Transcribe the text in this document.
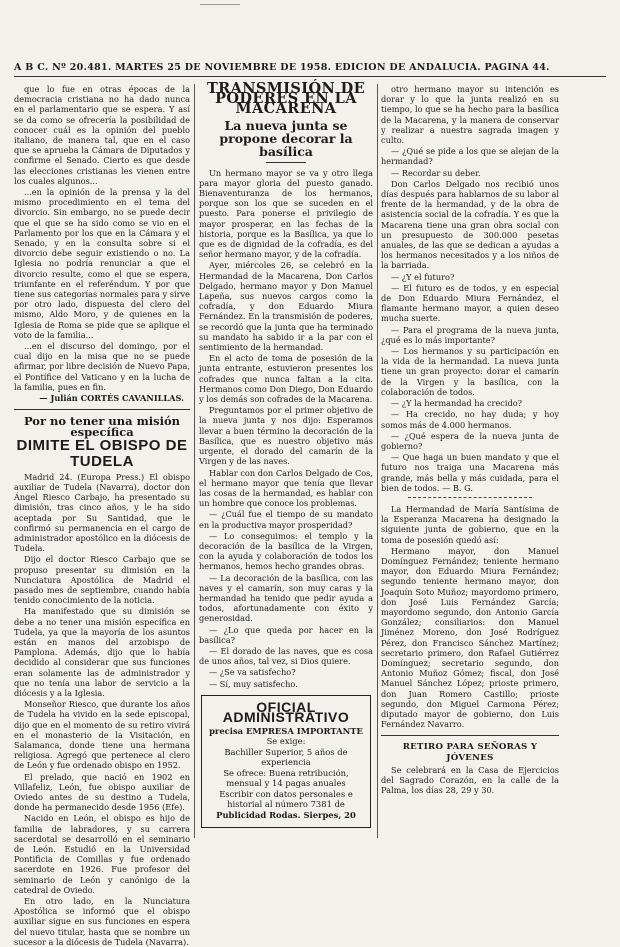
A B C. Nº 20.481. MARTES 25 DE NOVIEMBRE DE 1958. EDICION DE ANDALUCIA. PAGINA 44.

que lo fue en otras épocas de la democracia cristiana no ha dado nunca en el parlamentario que se espera. Y así se da como se ofrecería la posibilidad de conocer cuál es la opinión del pueblo italiano, de manera tal, que en el caso que se aprueba la Cámara de Diputados y confirme el Senado. Cierto es que desde las elecciones cristianas les vienen entre los cuales algunos...

...en la opinión de la prensa y la del mismo procedimiento en el tema del divorcio. Sin embargo, no se puede decir que el que se ha sido como se vio en el Parlamento por los que en la Cámara y el Senado, y en la consulta sobre si el divorcio debe seguir existiendo o no. La Iglesia no podría renunciar a que el divorcio resulte, como el que se espera, triunfante en el referéndum. Y por que tiene sus categorías normales para y sirve por otro lado, dispuesta del clero del mismo, Aldo Moro, y de quienes en la Iglesia de Roma se pide que se aplique el voto de la familia...

...en el discurso del domingo, por el cual dijo en la misa que no se puede afirmar, por libre decisión de Nuevo Papa, el Pontífice del Vaticano y en la lucha de la familia, pues en fin.

— Julián CORTÉS CAVANILLAS.
Por no tener una misión específica
DIMITE EL OBISPO DE TUDELA

Madrid 24. (Europa Press.) El obispo auxiliar de Tudela (Navarra), doctor don Ángel Riesco Carbajo, ha presentado su dimisión, tras cinco años, y le ha sido aceptada por Su Santidad, que le confirmó su permanencia en el cargo de administrador apostólico en la diócesis de Tudela.

Dijo el doctor Riesco Carbajo que se propuso presentar su dimisión en la Nunciatura Apostólica de Madrid el pasado mes de septiembre, cuando había tenido conocimiento de la noticia.

Ha manifestado que su dimisión se debe a no tener una misión específica en Tudela, ya que la mayoría de los asuntos están en manos del arzobispo de Pamplona. Además, dijo que lo había decidido al considerar que sus funciones eran solamente las de administrador y que no tenía una labor de servicio a la diócesis y a la Iglesia.

Monseñor Riesco, que durante los años de Tudela ha vivido en la sede episcopal, dijo que en el momento de su retiro vivirá en el monasterio de la Visitación, en Salamanca, donde tiene una hermana religiosa. Agregó que pertenece al clero de León y fue ordenado obispo en 1952.

El prelado, que nació en 1902 en Villafeliz, León, fue obispo auxiliar de Oviedo antes de su destino a Tudela, donde ha permanecido desde 1956 (Efe).

Nacido en León, el obispo es hijo de familia de labradores, y su carrera sacerdotal se desarrolló en el seminario de León. Estudió en la Universidad Pontificia de Comillas y fue ordenado sacerdote en 1926. Fue profesor del seminario de León y canónigo de la catedral de Oviedo.

En otro lado, en la Nunciatura Apostólica se informó que el obispo auxiliar sigue en sus funciones en espera del nuevo titular, hasta que se nombre un sucesor a la diócesis de Tudela (Navarra).

TRANSMISIÓN DE PODERES EN LA MACARENA
La nueva junta se propone decorar la basílica

Un hermano mayor se va y otro llega para mayor gloria del puesto ganado. Bienaventuranza de los hermanos, porque son los que se suceden en el puesto. Para ponerse el privilegio de mayor prosperar, en las fechas de la historia, porque es la Basílica, ya que lo que es de dignidad de la cofradía, es del señor hermano mayor, y de la cofradía.

Ayer, miércoles 26, se celebró en la Hermandad de la Macarena, Don Carlos Delgado, hermano mayor y Don Manuel Lapeña, sus nuevos cargos como la cofradía, y don Eduardo Miura Fernández. En la transmisión de poderes, se recordó que la junta que ha terminado su mandato ha sabido ir a la par con el sentimiento de la hermandad.

En el acto de toma de posesión de la junta entrante, estuvieron presentes los cofrades que nunca faltan a la cita. Hermanos como Don Diego, Don Eduardo y los demás son cofrades de la Macarena.

Preguntamos por el primer objetivo de la nueva junta y nos dijo: Esperamos llevar a buen término la decoración de la Basílica, que es nuestro objetivo más urgente, el dorado del camarín de la Virgen y de las naves.

Hablar con don Carlos Delgado de Cos, el hermano mayor que tenía que llevar las cosas de la hermandad, es hablar con un hombre que conoce los problemas.

— ¿Cuál fue el tiempo de su mandato en la productiva mayor prosperidad?

— Lo conseguimos: el templo y la decoración de la basílica de la Virgen, con la ayuda y colaboración de todos los hermanos, hemos hecho grandes obras.

— La decoración de la basílica, con las naves y el camarín, son muy caras y la hermandad ha tenido que pedir ayuda a todos, afortunadamente con éxito y generosidad.

— ¿Lo que queda por hacer en la basílica?

— El dorado de las naves, que es cosa de unos años, tal vez, si Dios quiere.

— ¿Se va satisfecho?

— Sí, muy satisfecho.

OFICIAL ADMINISTRATIVO
precisa EMPRESA IMPORTANTE
Se exige:
Bachiller Superior, 5 años de experiencia
Se ofrece: Buena retribución, mensual y 14 pagas anuales
Escribir con datos personales e historial al número 7381 de
Publicidad Rodas. Sierpes, 20

otro hermano mayor su intención es dorar y lo que la junta realizó en su tiempo, lo que se ha hecho para la basílica de la Macarena, y la manera de conservar y realizar a nuestra sagrada imagen y culto.

— ¿Qué se pide a los que se alejan de la hermandad?

— Recordar su deber.

Don Carlos Delgado nos recibió unos días después para hablarnos de su labor al frente de la hermandad, y de la obra de asistencia social de la cofradía. Y es que la Macarena tiene una gran obra social con un presupuesto de 300.000 pesetas anuales, de las que se dedican a ayudas a los hermanos necesitados y a los niños de la barriada.

— ¿Y el futuro?

— El futuro es de todos, y en especial de Don Eduardo Miura Fernández, el flamante hermano mayor, a quien deseo mucha suerte.

— Para el programa de la nueva junta, ¿qué es lo más importante?

— Los hermanos y su participación en la vida de la hermandad. La nueva junta tiene un gran proyecto: dorar el camarín de la Virgen y la basílica, con la colaboración de todos.

— ¿Y la hermandad ha crecido?

— Ha crecido, no hay duda; y hoy somos más de 4.000 hermanos.

— ¿Qué espera de la nueva junta de gobierno?

— Que haga un buen mandato y que el futuro nos traiga una Macarena más grande, más bella y más cuidada, para el bien de todos. — B. G.

La Hermandad de María Santísima de la Esperanza Macarena ha designado la siguiente junta de gobierno, que en la toma de posesión quedó así:

Hermano mayor, don Manuel Domínguez Fernández; teniente hermano mayor, don Eduardo Miura Fernández; segundo teniente hermano mayor, don Joaquín Soto Muñoz; mayordomo primero, don José Luis Fernández García; mayordomo segundo, don Antonio García González; consiliarios: don Manuel Jiménez Moreno, don José Rodríguez Pérez, don Francisco Sánchez Martínez; secretario primero, don Rafael Gutiérrez Domínguez; secretario segundo, don Antonio Muñoz Gómez; fiscal, don José Manuel Sánchez López; prioste primero, don Juan Romero Castillo; prioste segundo, don Miguel Carmona Pérez; diputado mayor de gobierno, don Luis Fernández Navarro.

RETIRO PARA SEÑORAS Y JÓVENES

Se celebrará en la Casa de Ejercicios del Sagrado Corazón, en la calle de la Palma, los días 28, 29 y 30.
